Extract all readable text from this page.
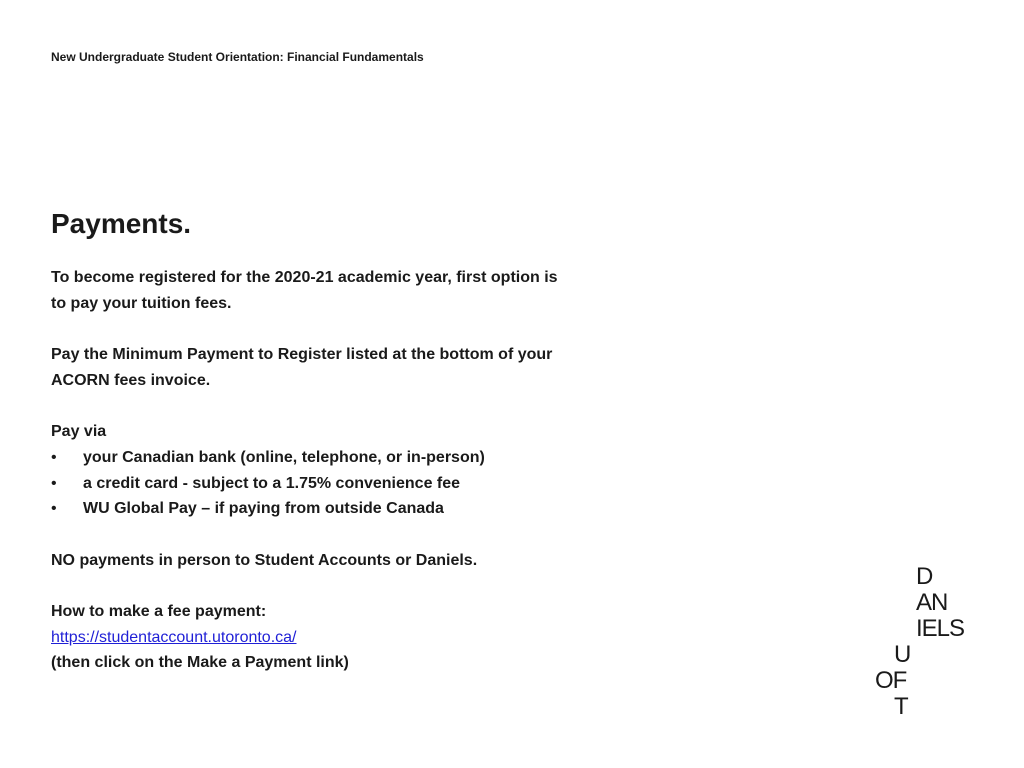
New Undergraduate Student Orientation: Financial Fundamentals
Payments.

To become registered for the 2020-21 academic year, first option is
to pay your tuition fees.

Pay the Minimum Payment to Register listed at the bottom of your
ACORN fees invoice.

Pay via

• your Canadian bank (online, telephone, or in-person)
• a credit card - subject to a 1.75% convenience fee
• WU Global Pay – if paying from outside Canada

NO payments in person to Student Accounts or Daniels.

How to make a fee payment:

https://studentaccount.utoronto.ca/

(then click on the Make a Payment link)

D
AN
IELS
U
OF
T
